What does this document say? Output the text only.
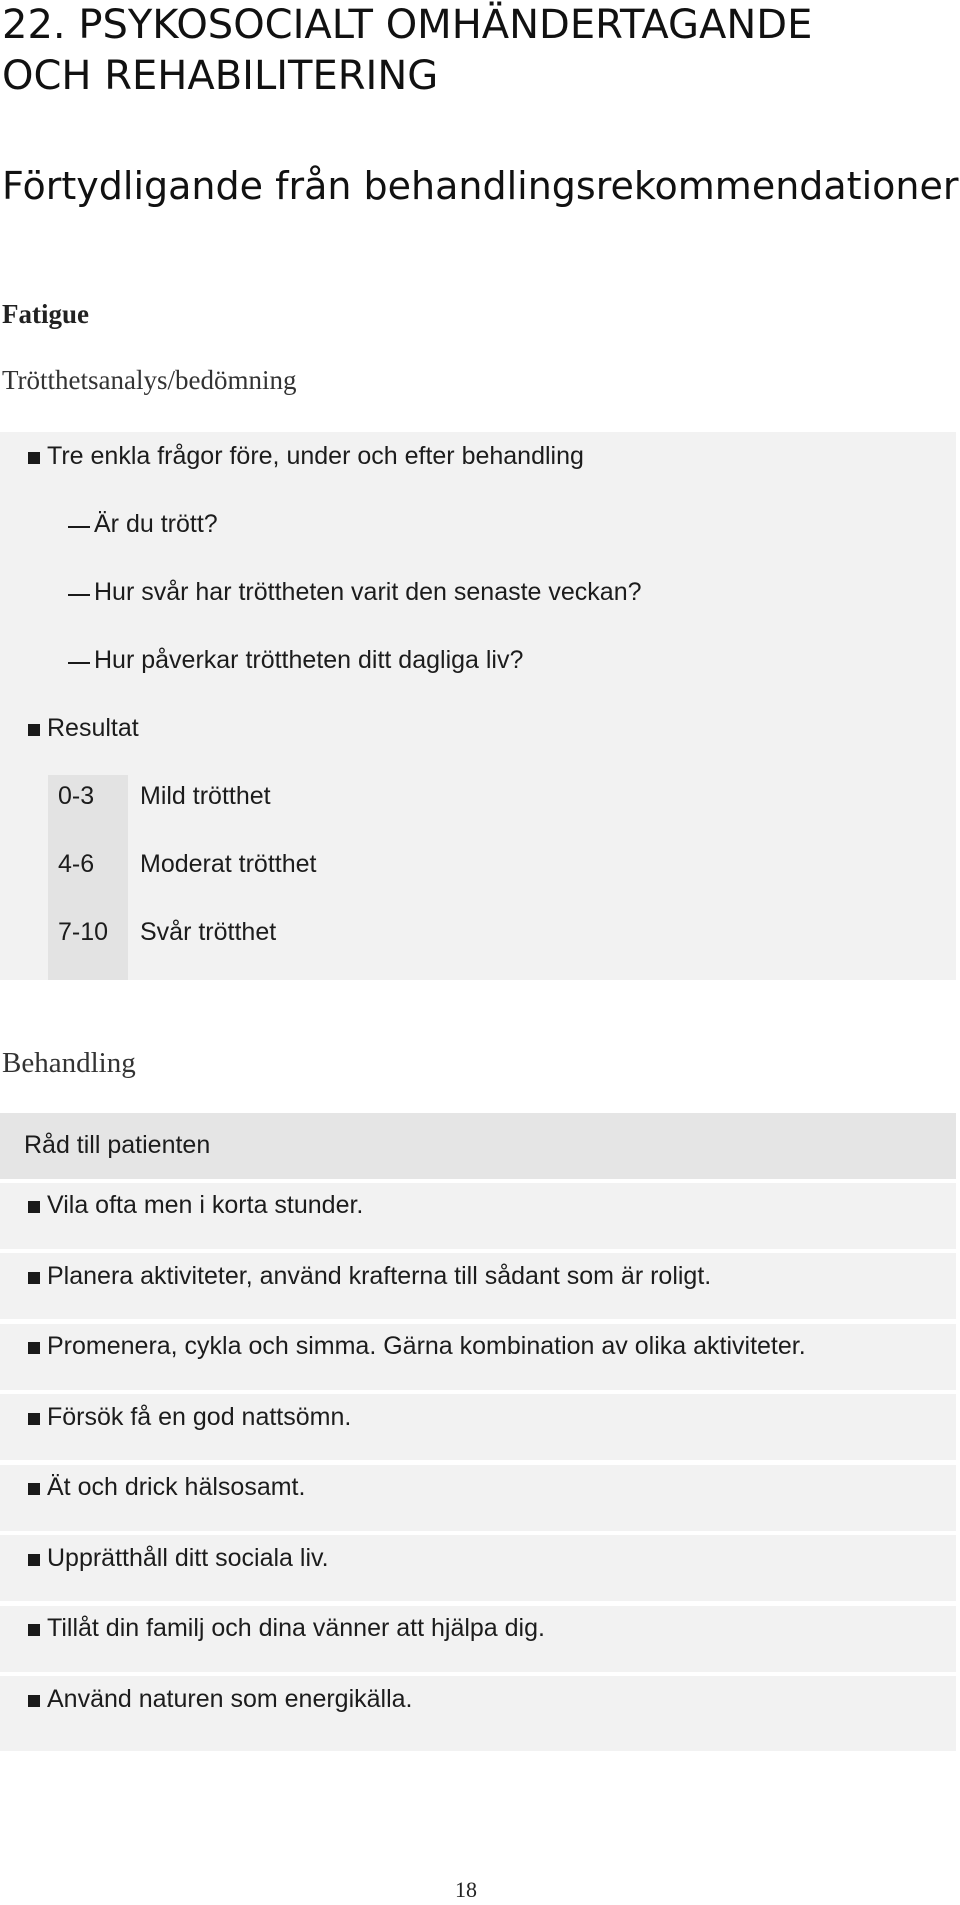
22. PSYKOSOCIALT OMHÄNDERTAGANDE
OCH REHABILITERING
Förtydligande från behandlingsrekommendationer
Fatigue
Trötthetsanalys/bedömning
Tre enkla frågor före, under och efter behandling
Är du trött?
Hur svår har tröttheten varit den senaste veckan?
Hur påverkar tröttheten ditt dagliga liv?
Resultat
0-3 Mild trötthet
4-6 Moderat trötthet
7-10 Svår trötthet
Behandling
Råd till patienten
Vila ofta men i korta stunder.
Planera aktiviteter, använd krafterna till sådant som är roligt.
Promenera, cykla och simma. Gärna kombination av olika aktiviteter.
Försök få en god nattsömn.
Ät och drick hälsosamt.
Upprätthåll ditt sociala liv.
Tillåt din familj och dina vänner att hjälpa dig.
Använd naturen som energikälla.
18
